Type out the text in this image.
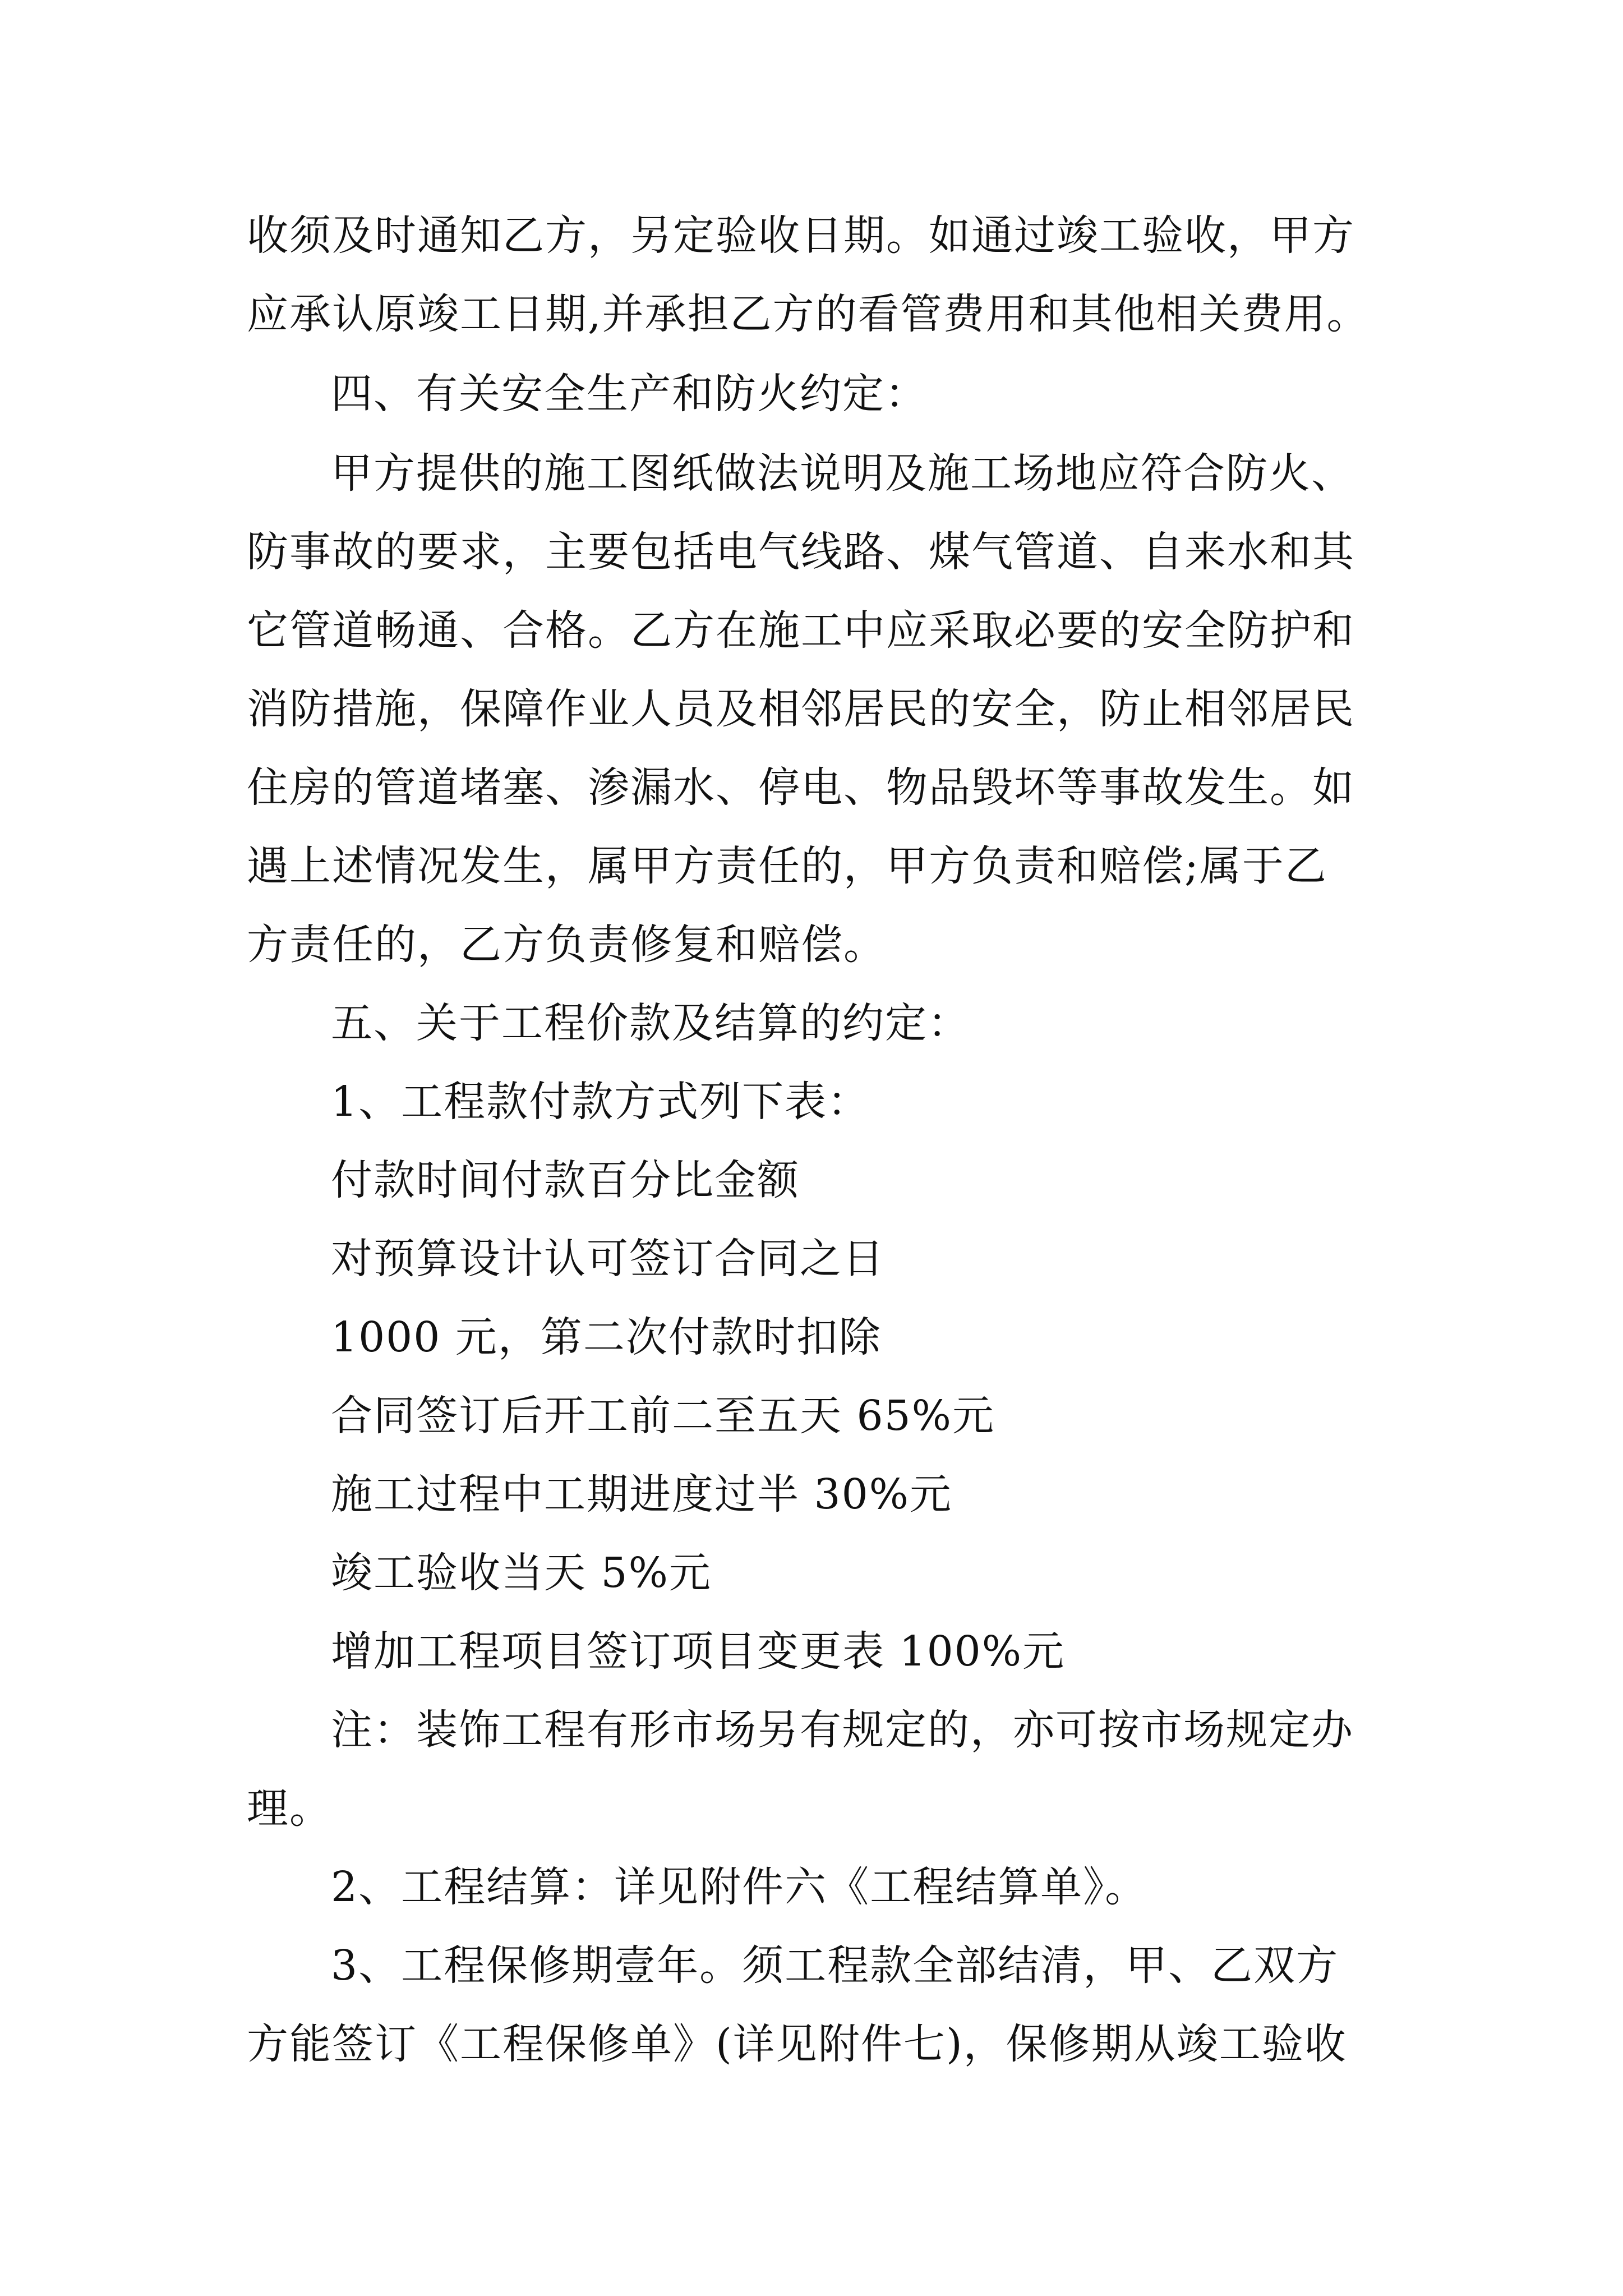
收须及时通知乙方，另定验收日期。如通过竣工验收，甲方
应承认原竣工日期,并承担乙方的看管费用和其他相关费用。
四、有关安全生产和防火约定：
甲方提供的施工图纸做法说明及施工场地应符合防火、
防事故的要求，主要包括电气线路、煤气管道、自来水和其
它管道畅通、合格。乙方在施工中应采取必要的安全防护和
消防措施，保障作业人员及相邻居民的安全，防止相邻居民
住房的管道堵塞、渗漏水、停电、物品毁坏等事故发生。如
遇上述情况发生，属甲方责任的，甲方负责和赔偿;属于乙
方责任的，乙方负责修复和赔偿。
五、关于工程价款及结算的约定：
1、工程款付款方式列下表：
付款时间付款百分比金额
对预算设计认可签订合同之日
1000 元，第二次付款时扣除
合同签订后开工前二至五天 65%元
施工过程中工期进度过半 30%元
竣工验收当天 5%元
增加工程项目签订项目变更表 100%元
注：装饰工程有形市场另有规定的，亦可按市场规定办
理。
2、工程结算：详见附件六《工程结算单》。
3、工程保修期壹年。须工程款全部结清，甲、乙双方
方能签订《工程保修单》(详见附件七)，保修期从竣工验收
